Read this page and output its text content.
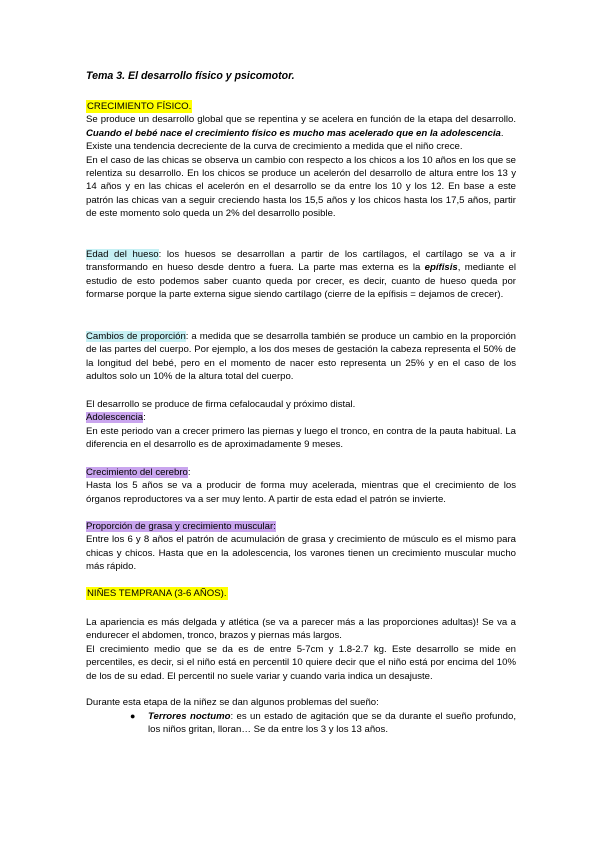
Tema 3. El desarrollo físico y psicomotor.

CRECIMIENTO FÍSICO.

Se produce un desarrollo global que se repentina y se acelera en función de la etapa del desarrollo. Cuando el bebé nace el crecimiento físico es mucho mas acelerado que en la adolescencia.

Existe una tendencia decreciente de la curva de crecimiento a medida que el niño crece.

En el caso de las chicas se observa un cambio con respecto a los chicos a los 10 años en los que se relentiza su desarrollo. En los chicos se produce un acelerón del desarrollo de altura entre los 13 y 14 años y en las chicas el acelerón en el desarrollo se da entre los 10 y los 12. En base a este patrón las chicas van a seguir creciendo hasta los 15,5 años y los chicos hasta los 17,5 años, partir de este momento solo queda un 2% del desarrollo posible.

Edad del hueso: los huesos se desarrollan a partir de los cartílagos, el cartílago se va a ir transformando en hueso desde dentro a fuera. La parte mas externa es la epífisis, mediante el estudio de esto podemos saber cuanto queda por crecer, es decir, cuanto de hueso queda por formarse porque la parte externa sigue siendo cartílago (cierre de la epífisis = dejamos de crecer).

Cambios de proporción: a medida que se desarrolla también se produce un cambio en la proporción de las partes del cuerpo. Por ejemplo, a los dos meses de gestación la cabeza representa el 50% de la longitud del bebé, pero en el momento de nacer esto representa un 25% y en el caso de los adultos solo un 10% de la altura total del cuerpo.

El desarrollo se produce de firma cefalocaudal y próximo distal.

Adolescencia:

En este periodo van a crecer primero las piernas y luego el tronco, en contra de la pauta habitual. La diferencia en el desarrollo es de aproximadamente 9 meses.

Crecimiento del cerebro:

Hasta los 5 años se va a producir de forma muy acelerada, mientras que el crecimiento de los órganos reproductores va a ser muy lento. A partir de esta edad el patrón se invierte.

Proporción de grasa y crecimiento muscular:

Entre los 6 y 8 años el patrón de acumulación de grasa y crecimiento de músculo es el mismo para chicas y chicos. Hasta que en la adolescencia, los varones tienen un crecimiento muscular mucho más rápido.

NIÑES TEMPRANA (3-6 AÑOS).

La apariencia es más delgada y atlética (se va a parecer más a las proporciones adultas)! Se va a endurecer el abdomen, tronco, brazos y piernas más largos.

El crecimiento medio que se da es de entre 5-7cm y 1.8-2.7 kg. Este desarrollo se mide en percentiles, es decir, si el niño está en percentil 10 quiere decir que el niño está por encima del 10% de los de su edad. El percentil no suele variar y cuando varia indica un desajuste.

Durante esta etapa de la niñez se dan algunos problemas del sueño:

●	Terrores noctumo: es un estado de agitación que se da durante el sueño profundo, los niños gritan, lloran… Se da entre los 3 y los 13 años.
